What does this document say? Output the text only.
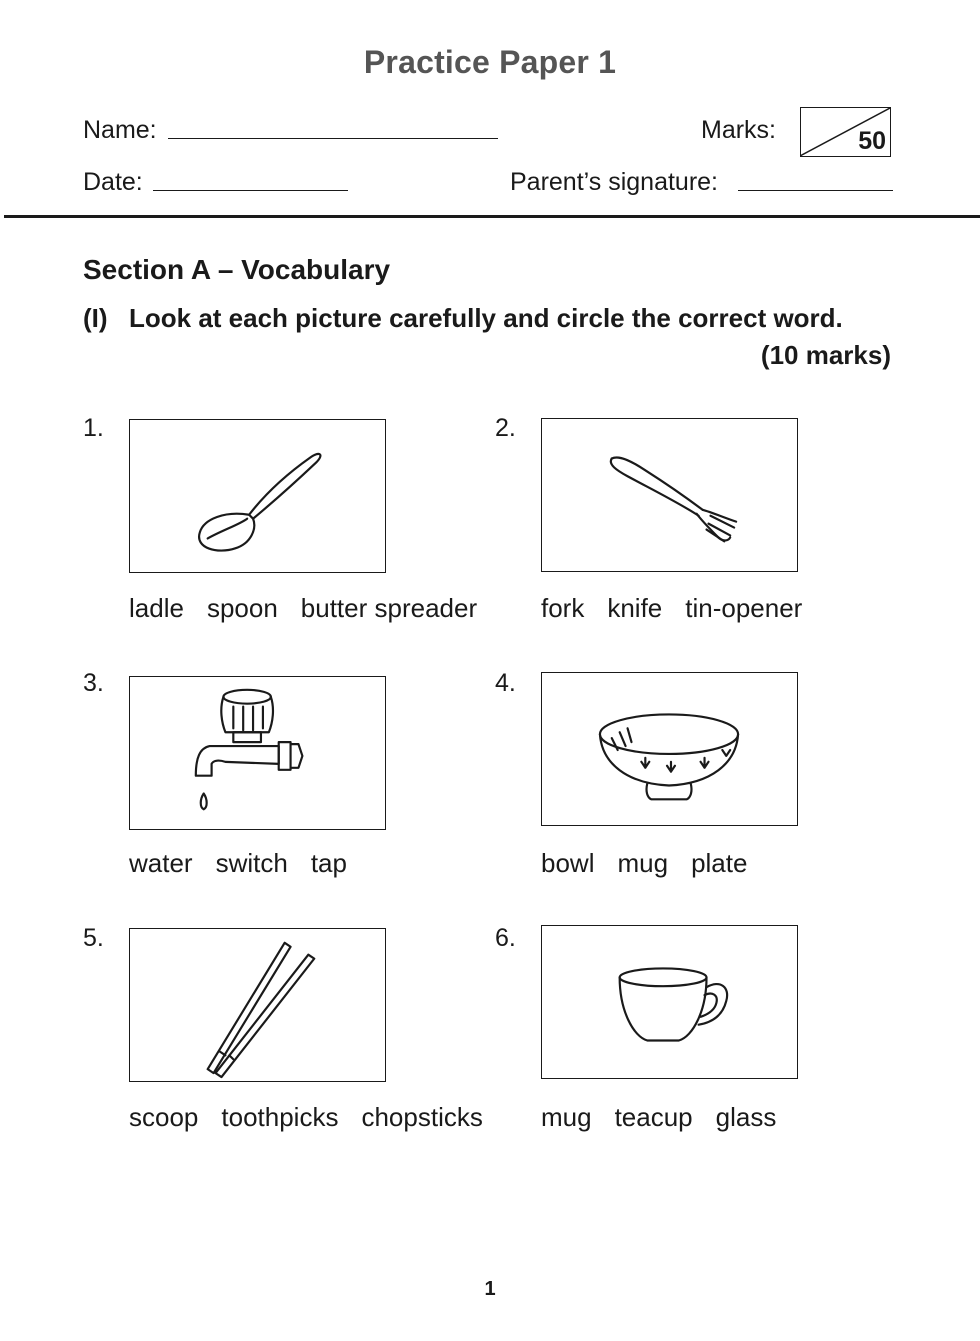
Practice Paper 1
Name:	Marks:	50
Date:	Parent’s signature:
Section A – Vocabulary
(I) Look at each picture carefully and circle the correct word.
(10 marks)
1.
ladle spoon butter spreader
2.
fork knife tin-opener
3.
water switch tap
4.
bowl mug plate
5.
scoop toothpicks chopsticks
6.
mug teacup glass
1
